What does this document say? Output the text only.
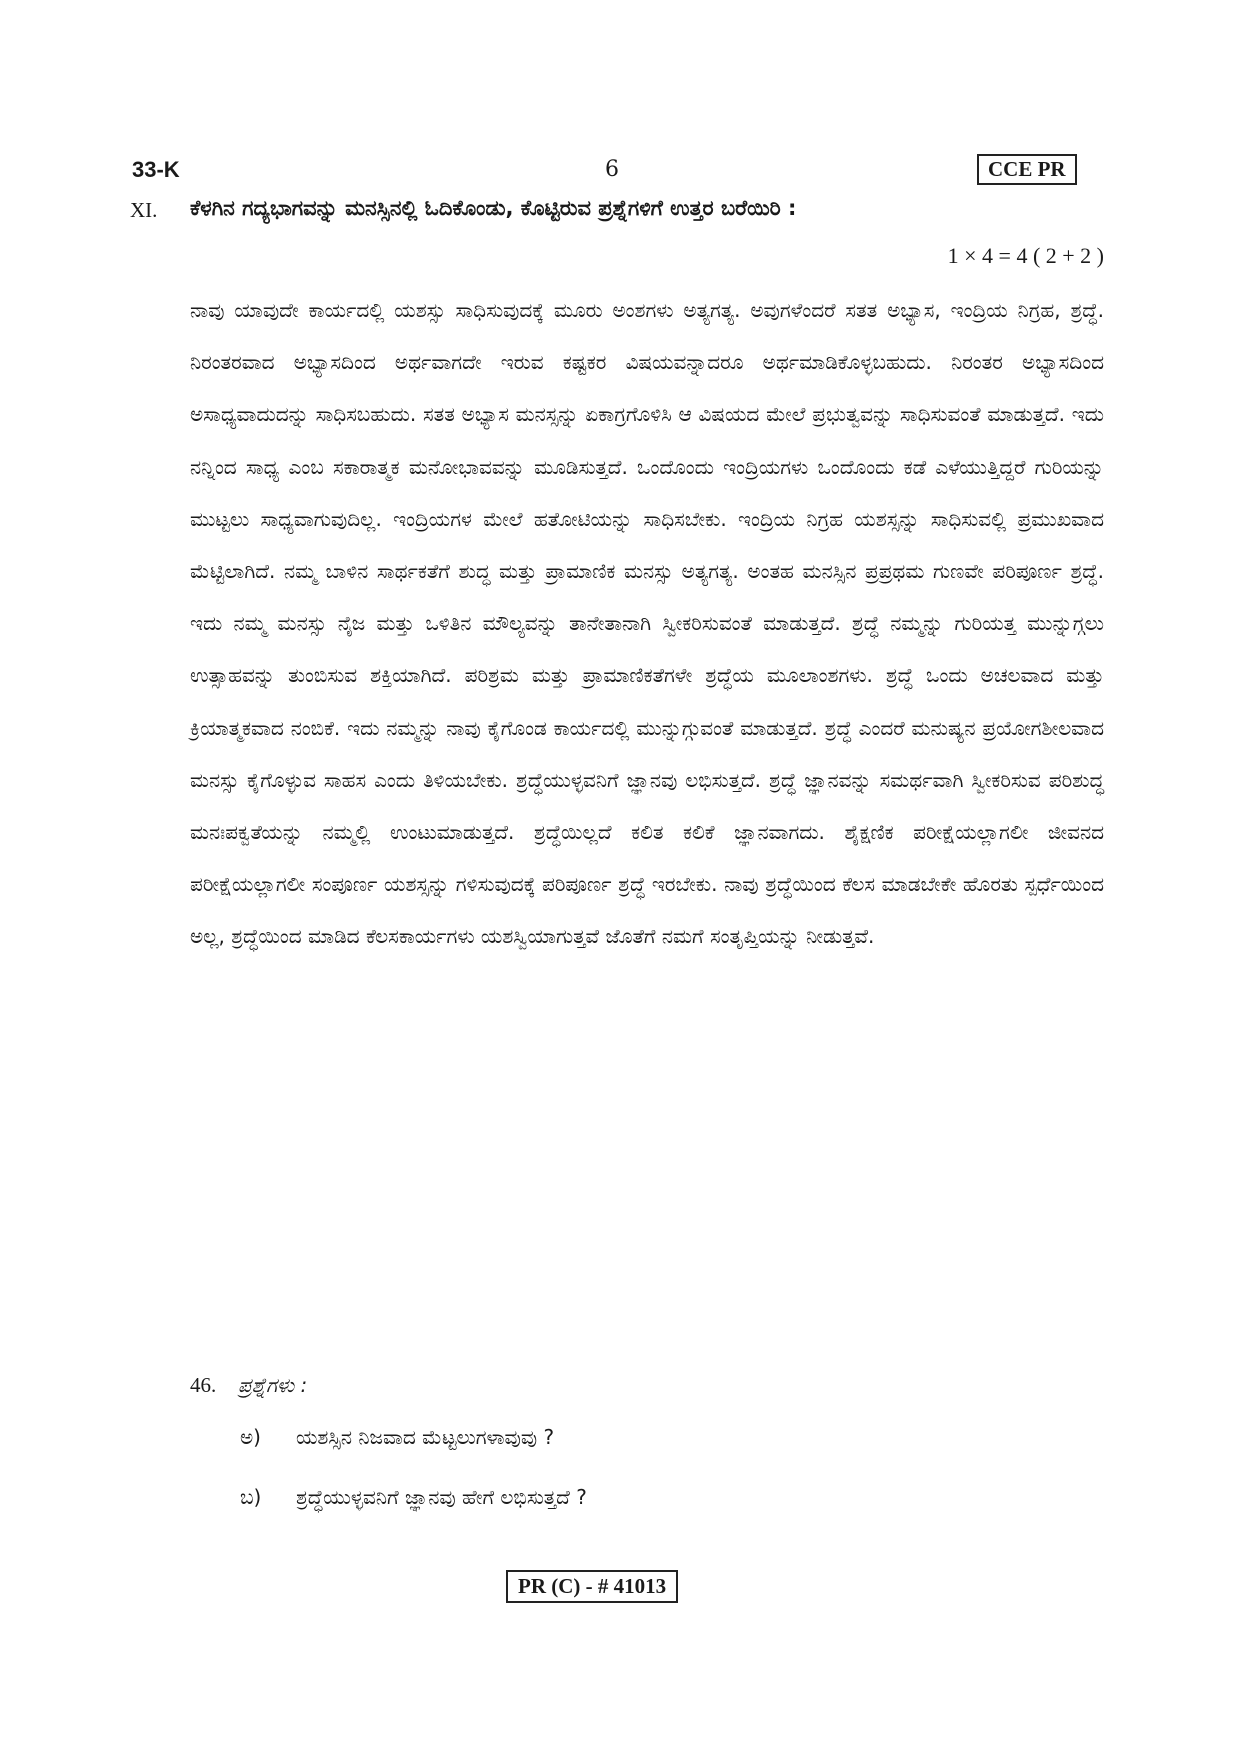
33-K	6	CCE PR
XI. ಕೆಳಗಿನ ಗದ್ಯಭಾಗವನ್ನು ಮನಸ್ಸಿನಲ್ಲಿ ಓದಿಕೊಂಡು, ಕೊಟ್ಟಿರುವ ಪ್ರಶ್ನೆಗಳಿಗೆ ಉತ್ತರ ಬರೆಯಿರಿ :
1 × 4 = 4 ( 2 + 2 )

ನಾವು ಯಾವುದೇ ಕಾರ್ಯದಲ್ಲಿ ಯಶಸ್ಸು ಸಾಧಿಸುವುದಕ್ಕೆ ಮೂರು ಅಂಶಗಳು ಅತ್ಯಗತ್ಯ. ಅವುಗಳೆಂದರೆ ಸತತ ಅಭ್ಯಾಸ, ಇಂದ್ರಿಯ ನಿಗ್ರಹ, ಶ್ರದ್ಧೆ. ನಿರಂತರವಾದ ಅಭ್ಯಾಸದಿಂದ ಅರ್ಥವಾಗದೇ ಇರುವ ಕಷ್ಟಕರ ವಿಷಯವನ್ನಾದರೂ ಅರ್ಥಮಾಡಿಕೊಳ್ಳಬಹುದು. ನಿರಂತರ ಅಭ್ಯಾಸದಿಂದ ಅಸಾಧ್ಯವಾದುದನ್ನು ಸಾಧಿಸಬಹುದು. ಸತತ ಅಭ್ಯಾಸ ಮನಸ್ಸನ್ನು ಏಕಾಗ್ರಗೊಳಿಸಿ ಆ ವಿಷಯದ ಮೇಲೆ ಪ್ರಭುತ್ವವನ್ನು ಸಾಧಿಸುವಂತೆ ಮಾಡುತ್ತದೆ. ಇದು ನನ್ನಿಂದ ಸಾಧ್ಯ ಎಂಬ ಸಕಾರಾತ್ಮಕ ಮನೋಭಾವವನ್ನು ಮೂಡಿಸುತ್ತದೆ. ಒಂದೊಂದು ಇಂದ್ರಿಯಗಳು ಒಂದೊಂದು ಕಡೆ ಎಳೆಯುತ್ತಿದ್ದರೆ ಗುರಿಯನ್ನು ಮುಟ್ಟಲು ಸಾಧ್ಯವಾಗುವುದಿಲ್ಲ. ಇಂದ್ರಿಯಗಳ ಮೇಲೆ ಹತೋಟಿಯನ್ನು ಸಾಧಿಸಬೇಕು. ಇಂದ್ರಿಯ ನಿಗ್ರಹ ಯಶಸ್ಸನ್ನು ಸಾಧಿಸುವಲ್ಲಿ ಪ್ರಮುಖವಾದ ಮೆಟ್ಟಿಲಾಗಿದೆ. ನಮ್ಮ ಬಾಳಿನ ಸಾರ್ಥಕತೆಗೆ ಶುದ್ಧ ಮತ್ತು ಪ್ರಾಮಾಣಿಕ ಮನಸ್ಸು ಅತ್ಯಗತ್ಯ. ಅಂತಹ ಮನಸ್ಸಿನ ಪ್ರಪ್ರಥಮ ಗುಣವೇ ಪರಿಪೂರ್ಣ ಶ್ರದ್ಧೆ. ಇದು ನಮ್ಮ ಮನಸ್ಸು ನೈಜ ಮತ್ತು ಒಳಿತಿನ ಮೌಲ್ಯವನ್ನು ತಾನೇತಾನಾಗಿ ಸ್ವೀಕರಿಸುವಂತೆ ಮಾಡುತ್ತದೆ. ಶ್ರದ್ಧೆ ನಮ್ಮನ್ನು ಗುರಿಯತ್ತ ಮುನ್ನುಗ್ಗಲು ಉತ್ಸಾಹವನ್ನು ತುಂಬಿಸುವ ಶಕ್ತಿಯಾಗಿದೆ. ಪರಿಶ್ರಮ ಮತ್ತು ಪ್ರಾಮಾಣಿಕತೆಗಳೇ ಶ್ರದ್ಧೆಯ ಮೂಲಾಂಶಗಳು. ಶ್ರದ್ಧೆ ಒಂದು ಅಚಲವಾದ ಮತ್ತು ಕ್ರಿಯಾತ್ಮಕವಾದ ನಂಬಿಕೆ. ಇದು ನಮ್ಮನ್ನು ನಾವು ಕೈಗೊಂಡ ಕಾರ್ಯದಲ್ಲಿ ಮುನ್ನುಗ್ಗುವಂತೆ ಮಾಡುತ್ತದೆ. ಶ್ರದ್ಧೆ ಎಂದರೆ ಮನುಷ್ಯನ ಪ್ರಯೋಗಶೀಲವಾದ ಮನಸ್ಸು ಕೈಗೊಳ್ಳುವ ಸಾಹಸ ಎಂದು ತಿಳಿಯಬೇಕು. ಶ್ರದ್ಧೆಯುಳ್ಳವನಿಗೆ ಜ್ಞಾನವು ಲಭಿಸುತ್ತದೆ. ಶ್ರದ್ಧೆ ಜ್ಞಾನವನ್ನು ಸಮರ್ಥವಾಗಿ ಸ್ವೀಕರಿಸುವ ಪರಿಶುದ್ಧ ಮನಃಪಕ್ವತೆಯನ್ನು ನಮ್ಮಲ್ಲಿ ಉಂಟುಮಾಡುತ್ತದೆ. ಶ್ರದ್ಧೆಯಿಲ್ಲದೆ ಕಲಿತ ಕಲಿಕೆ ಜ್ಞಾನವಾಗದು. ಶೈಕ್ಷಣಿಕ ಪರೀಕ್ಷೆಯಲ್ಲಾಗಲೀ ಜೀವನದ ಪರೀಕ್ಷೆಯಲ್ಲಾಗಲೀ ಸಂಪೂರ್ಣ ಯಶಸ್ಸನ್ನು ಗಳಿಸುವುದಕ್ಕೆ ಪರಿಪೂರ್ಣ ಶ್ರದ್ಧೆ ಇರಬೇಕು. ನಾವು ಶ್ರದ್ಧೆಯಿಂದ ಕೆಲಸ ಮಾಡಬೇಕೇ ಹೊರತು ಸ್ಪರ್ಧೆಯಿಂದ ಅಲ್ಲ, ಶ್ರದ್ಧೆಯಿಂದ ಮಾಡಿದ ಕೆಲಸಕಾರ್ಯಗಳು ಯಶಸ್ವಿಯಾಗುತ್ತವೆ ಜೊತೆಗೆ ನಮಗೆ ಸಂತೃಪ್ತಿಯನ್ನು ನೀಡುತ್ತವೆ.

46. ಪ್ರಶ್ನೆಗಳು :
ಅ) ಯಶಸ್ಸಿನ ನಿಜವಾದ ಮೆಟ್ಟಲುಗಳಾವುವು ?
ಬ) ಶ್ರದ್ಧೆಯುಳ್ಳವನಿಗೆ ಜ್ಞಾನವು ಹೇಗೆ ಲಭಿಸುತ್ತದೆ ?
PR (C) - # 41013
